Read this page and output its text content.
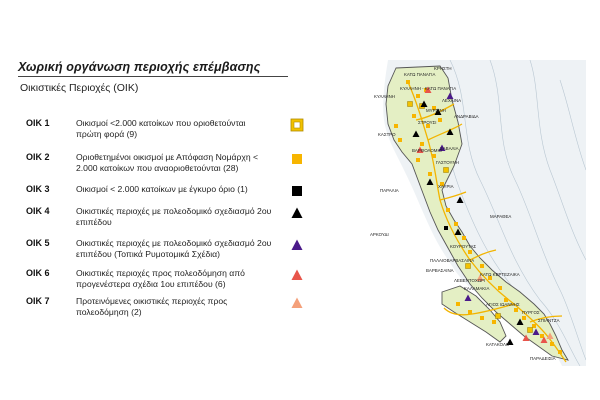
Χωρική οργάνωση περιοχής επέμβασης
Οικιστικές Περιοχές (ΟΙΚ)
ΟΙΚ 1	Οικισμοί <2.000 κατοίκων που οριοθετούνται πρώτη φορά (9)
ΟΙΚ 2	Οριοθετημένοι οικισμοί με Απόφαση Νομάρχη < 2.000 κατοίκων που αναοριοθετούνται (28)
ΟΙΚ 3	Οικισμοί < 2.000 κατοίκων με έγκυρο όριο (1)
ΟΙΚ 4	Οικιστικές περιοχές με πολεοδομικό σχεδιασμό 2ου επιπέδου
ΟΙΚ 5	Οικιστικές περιοχές με πολεοδομικό σχεδιασμό 2ου επιπέδου (Τοπικά Ρυμοτομικά Σχέδια)
ΟΙΚ 6	Οικιστικές περιοχές προς πολεοδόμηση από προγενέστερα σχέδια 1ου επιπέδου (6)
ΟΙΚ 7	Προτεινόμενες οικιστικές περιοχές προς πολεοδόμηση (2)
ΚΡΗΣΤΗ
ΚΑΤΩ ΠΑΝΑΓΙΑ
ΚΥΛΛΗΝΗ
ΚΥΛΛΗΝΗ - ΚΑΤΩ ΠΑΝΑΓΙΑ
ΛΕΧΑΙΝΑ
ΜΥΡΣΙΝΗ
ΑΝΔΡΑΒΙΔΑ
ΣΤΡΟΥΣΙ
ΚΑΣΤΡΟ
ΓΑΣΤΟΥΝΗ
ΒΑΡΘΟΛΟΜΙΟ
ΣΑΒΑΛΙΑ
ΧΑΥΡΙΑ
ΠΑΡΑΛΙΑ
ΑΡΚΟΥΔΙ
ΜΑΡΑΘΕΑ
ΚΟΥΡΟΥΤΑΣ
ΚΑΤΩ ΚΕΡΤΕΖΑΙΚΑ
ΠΑΛΑΙΟΒΑΡΒΑΣΑΙΝΑ
ΛΕΒΕΝΤΟΧΩΡΙ
ΚΑΛΑΜΑΚΙΑ
ΑΓΙΟΣ ΙΩΑΝΝΗΣ
ΠΥΡΓΟΣ
ΚΑΤΑΚΟΛΟ
ΠΑΡΑΔΕΙΣΙΑ
ΣΠΙΑΝΤΖΑ
ΒΑΡΒΑΣΑΙΝΑ
